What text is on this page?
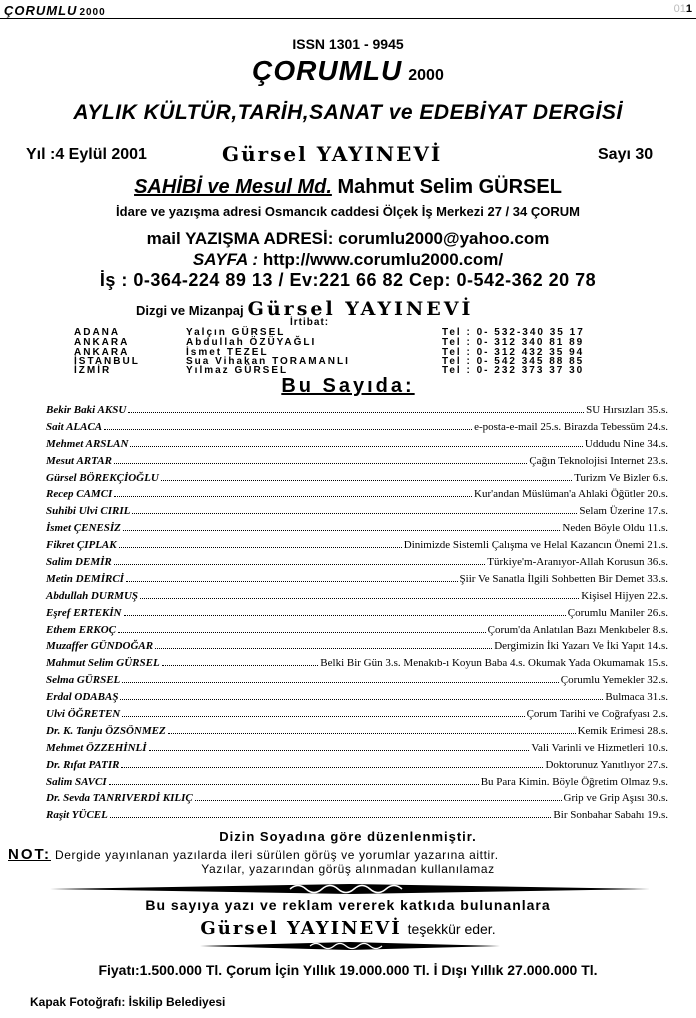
ÇORUMLU 2000	011
ISSN 1301 - 9945
ÇORUMLU 2000
AYLIK KÜLTÜR,TARİH,SANAT ve EDEBİYAT DERGİSİ
Yıl :4 Eylül 2001	Gürsel YAYINEVİ	Sayı 30
SAHİBİ ve Mesul Md. Mahmut Selim GÜRSEL
İdare ve yazışma adresi Osmancık caddesi Ölçek İş Merkezi 27 / 34 ÇORUM
mail YAZIŞMA ADRESİ: corumlu2000@yahoo.com
SAYFA : http://www.corumlu2000.com/
İş : 0-364-224 89 13 / Ev:221 66 82 Cep: 0-542-362 20 78
Dizgi ve Mizanpaj Gürsel YAYINEVİ
İrtibat:
ADANA	Yalçın GÜRSEL	Tel : 0- 532-340 35 17
ANKARA	Abdullah ÖZÜYAĞLI	Tel : 0- 312 340 81 89
ANKARA	İsmet TEZEL	Tel : 0- 312 432 35 94
İSTANBUL	Sua Vihakan TORAMANLI	Tel : 0- 542 345 88 85
İZMİR	Yılmaz GÜRSEL	Tel : 0- 232 373 37 30
Bu Sayıda:
Bekir Baki AKSU	SU Hırsızları 35.s.
Sait ALACA	e-posta-e-mail 25.s. Birazda Tebessüm 24.s.
Mehmet ARSLAN	Uddudu Nine 34.s.
Mesut ARTAR	Çağın Teknolojisi Internet 23.s.
Gürsel BÖREKÇİOĞLU	Turizm Ve Bizler 6.s.
Recep CAMCI	Kur'andan Müslüman'a Ahlaki Öğütler 20.s.
Suhibi Ulvi CIRIL	Selam Üzerine 17.s.
İsmet ÇENESİZ	Neden Böyle Oldu 11.s.
Fikret ÇIPLAK	Dinimizde Sistemli Çalışma ve Helal Kazancın Önemi 21.s.
Salim DEMİR	Türkiye'm-Aranıyor-Allah Korusun 36.s.
Metin DEMİRCİ	Şiir Ve Sanatla İlgili Sohbetten Bir Demet 33.s.
Abdullah DURMUŞ	Kişisel Hijyen 22.s.
Eşref ERTEKİN	Çorumlu Maniler 26.s.
Ethem ERKOÇ	Çorum'da Anlatılan Bazı Menkıbeler 8.s.
Muzaffer GÜNDOĞAR	Dergimizin İki Yazarı Ve İki Yapıt 14.s.
Mahmut Selim GÜRSEL	Belki Bir Gün 3.s. Menakıb-ı Koyun Baba 4.s. Okumak Yada Okumamak 15.s.
Selma GÜRSEL	Çorumlu Yemekler 32.s.
Erdal ODABAŞ	Bulmaca 31.s.
Ulvi ÖĞRETEN	Çorum Tarihi ve Coğrafyası 2.s.
Dr. K. Tanju ÖZSÖNMEZ	Kemik Erimesi 28.s.
Mehmet ÖZZEHİNLİ	Vali Varinli ve Hizmetleri 10.s.
Dr. Rıfat PATIR	Doktorunuz Yanıtlıyor 27.s.
Salim SAVCI	Bu Para Kimin. Böyle Öğretim Olmaz 9.s.
Dr. Sevda TANRIVERDİ KILIÇ	Grip ve Grip Aşısı 30.s.
Raşit YÜCEL	Bir Sonbahar Sabahı 19.s.
Dizin Soyadına göre düzenlenmiştir.
NOT: Dergide yayınlanan yazılarda ileri sürülen görüş ve yorumlar yazarına aittir.
Yazılar, yazarından görüş alınmadan kullanılamaz
Bu sayıya yazı ve reklam vererek katkıda bulunanlara
Gürsel YAYINEVİ teşekkür eder.
Fiyatı:1.500.000 Tl. Çorum İçin Yıllık 19.000.000 Tl. İ Dışı Yıllık 27.000.000 Tl.
Kapak Fotoğrafı: İskilip Belediyesi
